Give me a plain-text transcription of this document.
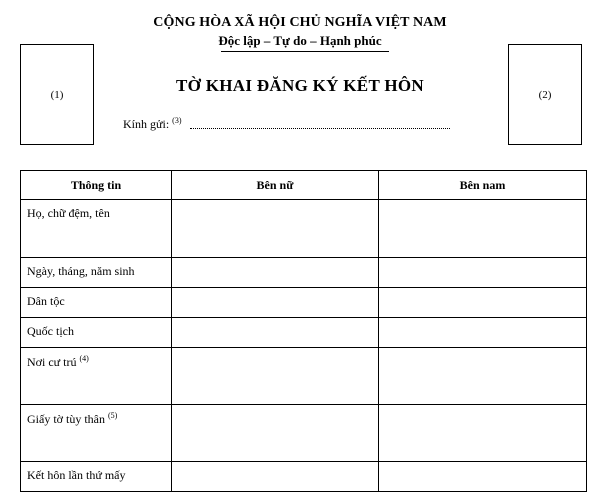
CỘNG HÒA XÃ HỘI CHỦ NGHĨA VIỆT NAM
Độc lập – Tự do – Hạnh phúc
(1)	(2)
TỜ KHAI ĐĂNG KÝ KẾT HÔN
Kính gửi: $^{(3)}$
Thông tin	Bên nữ	Bên nam
Họ, chữ đệm, tên		
Ngày, tháng, năm sinh		
Dân tộc		
Quốc tịch		
Nơi cư trú $^{(4)}$		
Giấy tờ tùy thân $^{(5)}$		
Kết hôn lần thứ mấy		
